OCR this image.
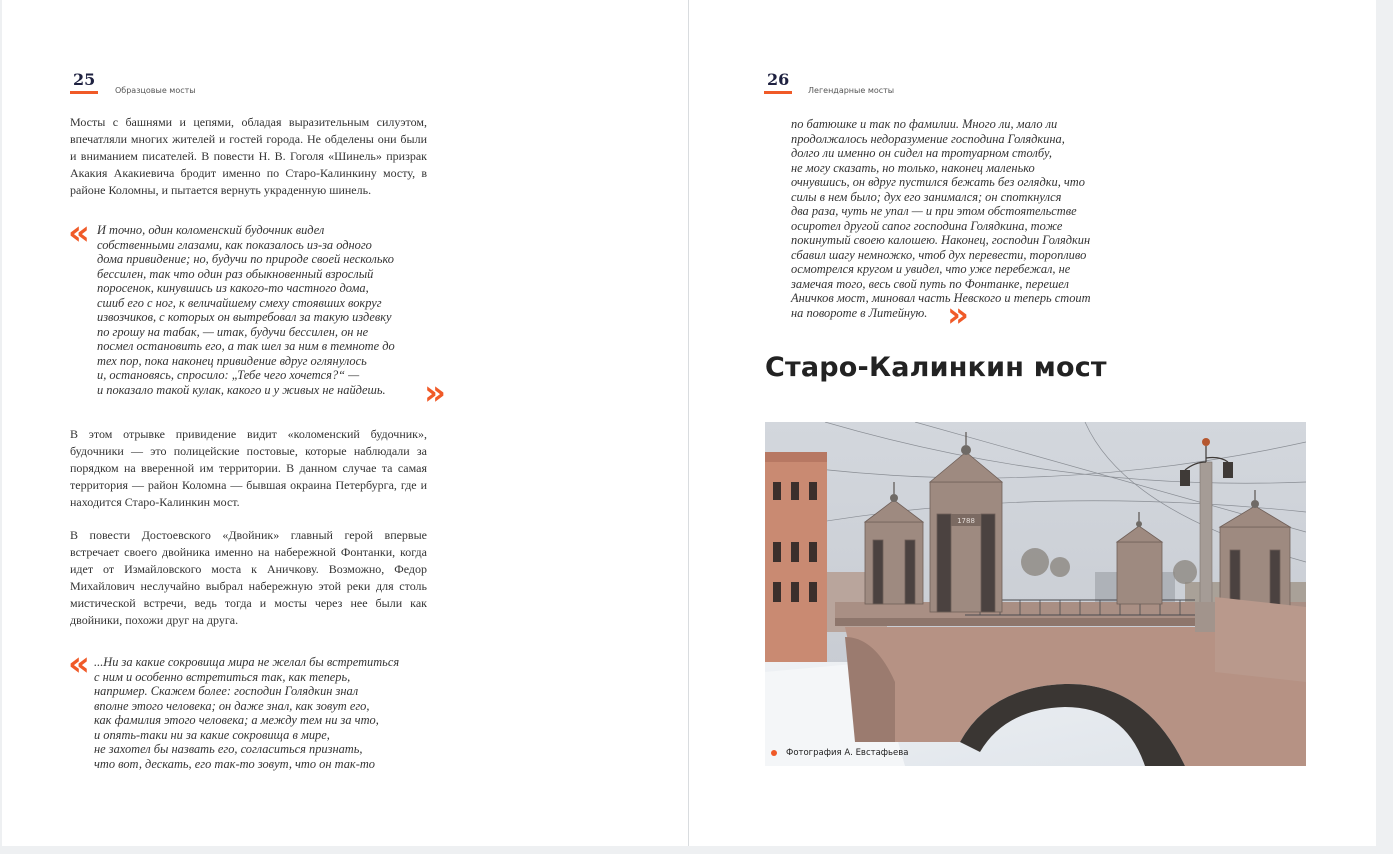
25
Образцовые мосты

Мосты с башнями и цепями, обладая выразительным силуэтом, впечатляли многих жителей и гостей города. Не обделены они были и вниманием писателей. В повести Н. В. Гоголя «Шинель» призрак Акакия Акакиевича бродит именно по Старо-Калинкину мосту, в районе Коломны, и пытается вернуть украденную шинель.

« И точно, один коломенский будочник видел
собственными глазами, как показалось из-за одного
дома привидение; но, будучи по природе своей несколько
бессилен, так что один раз обыкновенный взрослый
поросенок, кинувшись из какого-то частного дома,
сшиб его с ног, к величайшему смеху стоявших вокруг
извозчиков, с которых он вытребовал за такую издевку
по грошу на табак, — итак, будучи бессилен, он не
посмел остановить его, а так шел за ним в темноте до
тех пор, пока наконец привидение вдруг оглянулось
и, остановясь, спросило: „Тебе чего хочется?“ —
и показало такой кулак, какого и у живых не найдешь.	»

В этом отрывке привидение видит «коломенский будочник», будочники — это полицейские постовые, которые наблюдали за порядком на вверенной им территории. В данном случае та самая территория — район Коломна — бывшая окраина Петербурга, где и находится Старо-Калинкин мост.

В повести Достоевского «Двойник» главный герой впервые встречает своего двойника именно на набережной Фонтанки, когда идет от Измайловского моста к Аничкову. Возможно, Федор Михайлович неслучайно выбрал набережную этой реки для столь мистической встречи, ведь тогда и мосты через нее были как двойники, похожи друг на друга.

« ...Ни за какие сокровища мира не желал бы встретиться
с ним и особенно встретиться так, как теперь,
например. Скажем более: господин Голядкин знал
вполне этого человека; он даже знал, как зовут его,
как фамилия этого человека; а между тем ни за что,
и опять-таки ни за какие сокровища в мире,
не захотел бы назвать его, согласиться признать,
что вот, дескать, его так-то зовут, что он так-то

26
Легендарные мосты

по батюшке и так по фамилии. Много ли, мало ли
продолжалось недоразумение господина Голядкина,
долго ли именно он сидел на тротуарном столбу,
не могу сказать, но только, наконец маленько
очнувшись, он вдруг пустился бежать без оглядки, что
силы в нем было; дух его занимался; он споткнулся
два раза, чуть не упал — и при этом обстоятельстве
осиротел другой сапог господина Голядкина, тоже
покинутый своею калошею. Наконец, господин Голядкин
сбавил шагу немножко, чтоб дух перевести, торопливо
осмотрелся кругом и увидел, что уже перебежал, не
замечая того, весь свой путь по Фонтанке, перешел
Аничков мост, миновал часть Невского и теперь стоит
на повороте в Литейную. »
Старо-Калинкин мост
1788
Фотография А. Евстафьева
